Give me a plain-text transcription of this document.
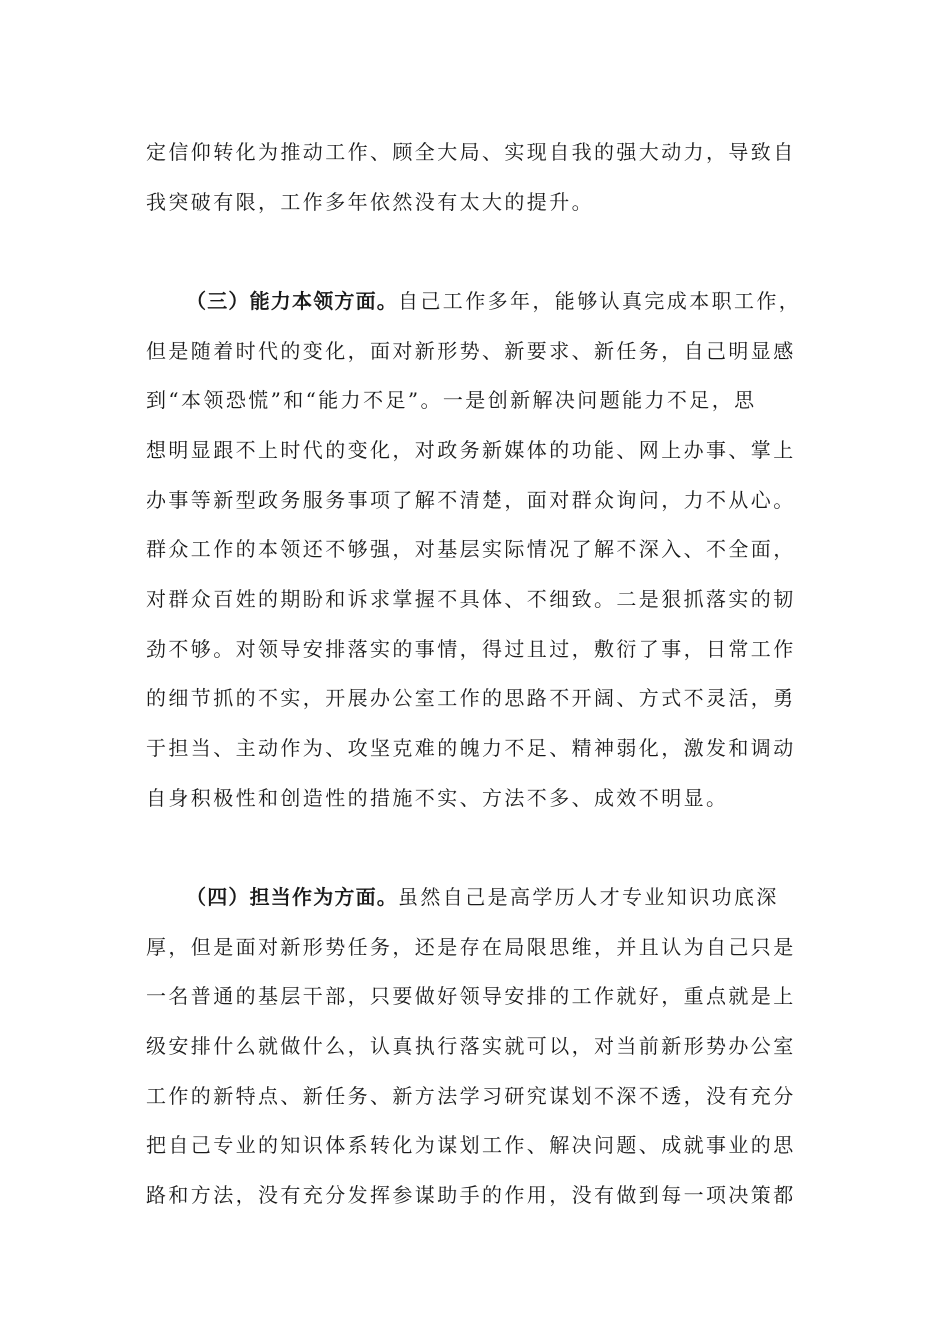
定信仰转化为推动工作、顾全大局、实现自我的强大动力，导致自
我突破有限，工作多年依然没有太大的提升。
（三）能力本领方面。自己工作多年，能够认真完成本职工作，
但是随着时代的变化，面对新形势、新要求、新任务，自己明显感
到“本领恐慌”和“能力不足”。一是创新解决问题能力不足，思
想明显跟不上时代的变化，对政务新媒体的功能、网上办事、掌上
办事等新型政务服务事项了解不清楚，面对群众询问，力不从心。
群众工作的本领还不够强，对基层实际情况了解不深入、不全面，
对群众百姓的期盼和诉求掌握不具体、不细致。二是狠抓落实的韧
劲不够。对领导安排落实的事情，得过且过，敷衍了事，日常工作
的细节抓的不实，开展办公室工作的思路不开阔、方式不灵活，勇
于担当、主动作为、攻坚克难的魄力不足、精神弱化，激发和调动
自身积极性和创造性的措施不实、方法不多、成效不明显。
（四）担当作为方面。虽然自己是高学历人才专业知识功底深
厚，但是面对新形势任务，还是存在局限思维，并且认为自己只是
一名普通的基层干部，只要做好领导安排的工作就好，重点就是上
级安排什么就做什么，认真执行落实就可以，对当前新形势办公室
工作的新特点、新任务、新方法学习研究谋划不深不透，没有充分
把自己专业的知识体系转化为谋划工作、解决问题、成就事业的思
路和方法，没有充分发挥参谋助手的作用，没有做到每一项决策都
